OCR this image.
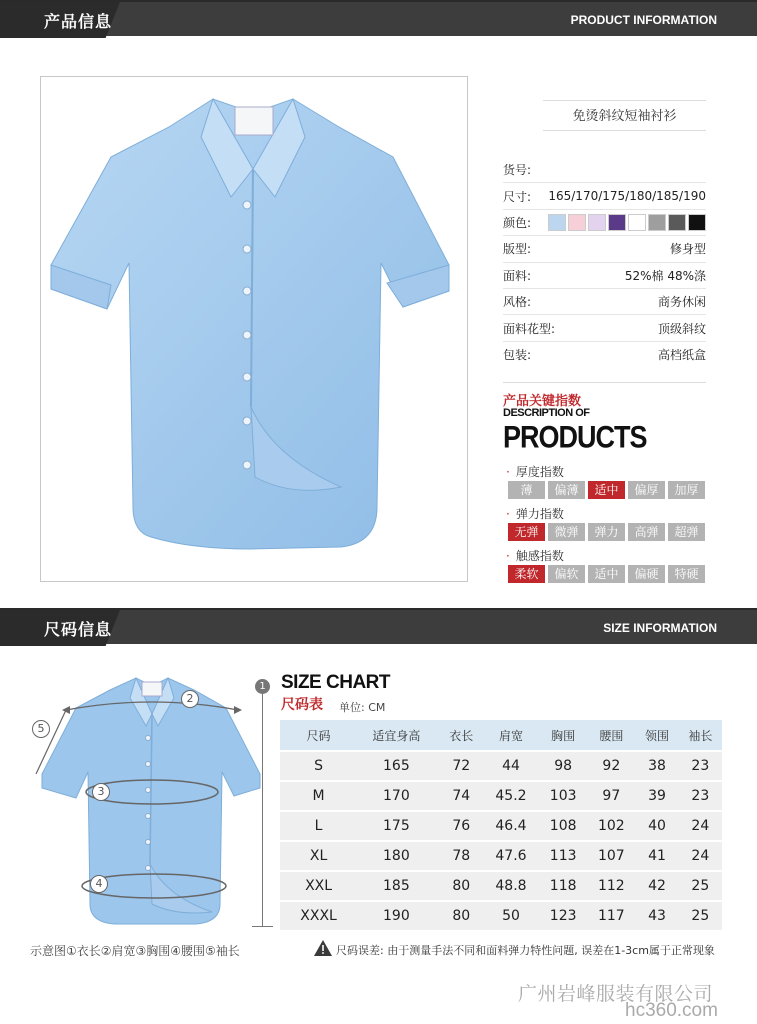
产品信息	PRODUCT INFORMATION
免烫斜纹短袖衬衫
货号:
尺寸: 165/170/175/180/185/190
颜色:
版型:	修身型
面料:	52%棉 48%涤
风格:	商务休闲
面料花型:	顶级斜纹
包装:	高档纸盒
产品关键指数
DESCRIPTION OF
PRODUCTS
· 厚度指数
薄	偏薄	适中	偏厚	加厚
· 弹力指数
无弹	微弹	弹力	高弹	超弹
· 触感指数
柔软	偏软	适中	偏硬	特硬
尺码信息	SIZE INFORMATION
5
2
3
4
示意图①衣长②肩宽③胸围④腰围⑤袖长
1 SIZE CHART
尺码表 单位: CM
尺码	适宜身高	衣长	肩宽	胸围	腰围	领围	袖长
S	165	72	44	98	92	38	23
M	170	74	45.2	103	97	39	23
L	175	76	46.4	108	102	40	24
XL	180	78	47.6	113	107	41	24
XXL	185	80	48.8	118	112	42	25
XXXL	190	80	50	123	117	43	25
尺码误差: 由于测量手法不同和面料弹力特性问题, 误差在1-3cm属于正常现象
广州岩峰服装有限公司
hc360.com
